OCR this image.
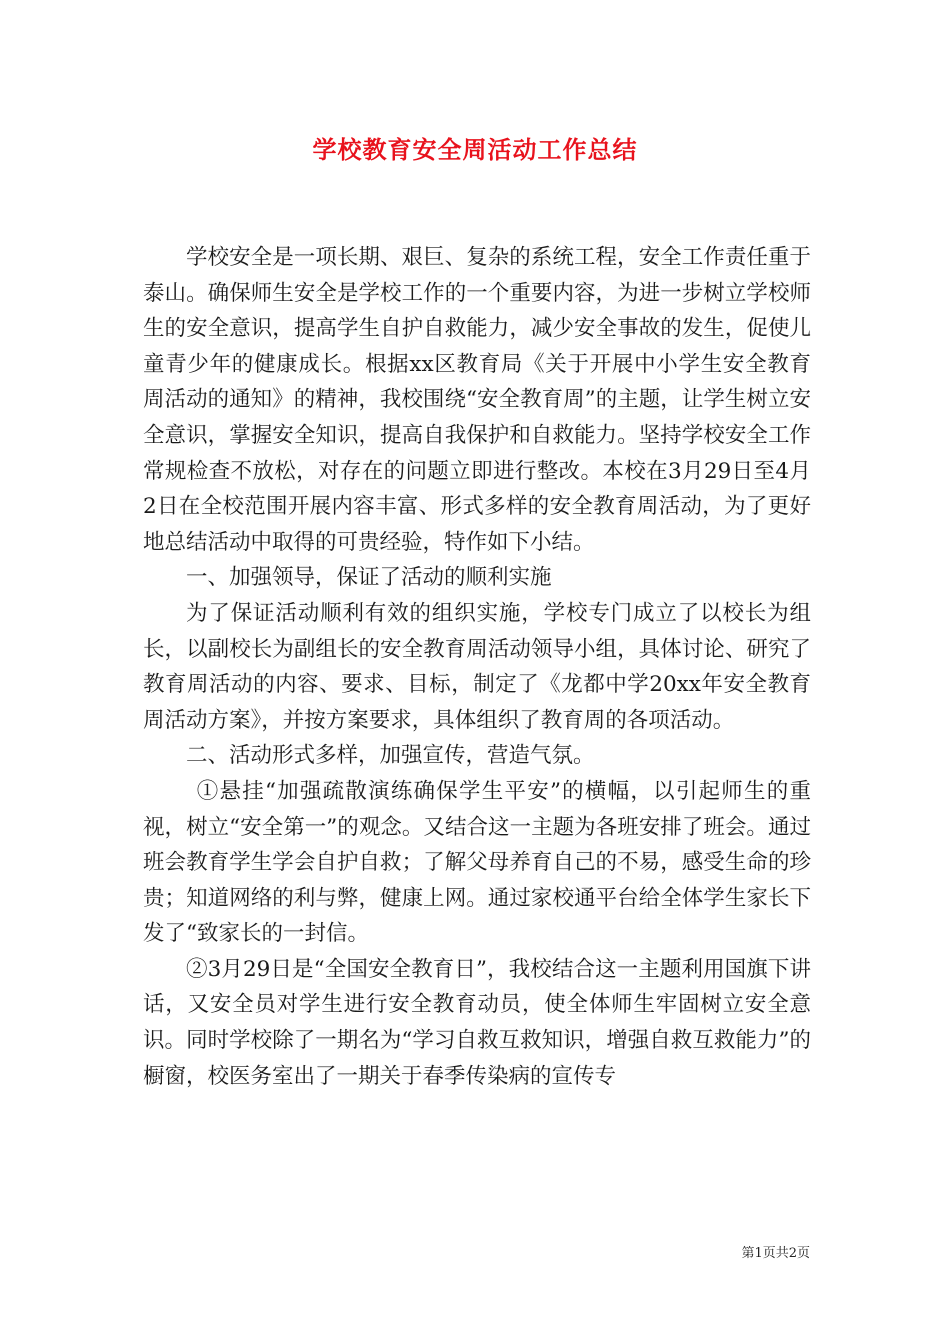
学校教育安全周活动工作总结

学校安全是一项长期、艰巨、复杂的系统工程，安全工作责任重于泰山。确保师生安全是学校工作的一个重要内容，为进一步树立学校师生的安全意识，提高学生自护自救能力，减少安全事故的发生，促使儿童青少年的健康成长。根据xx区教育局《关于开展中小学生安全教育周活动的通知》的精神，我校围绕“安全教育周”的主题，让学生树立安全意识，掌握安全知识，提高自我保护和自救能力。坚持学校安全工作常规检查不放松，对存在的问题立即进行整改。本校在3月29日至4月2日在全校范围开展内容丰富、形式多样的安全教育周活动，为了更好地总结活动中取得的可贵经验，特作如下小结。

一、加强领导，保证了活动的顺利实施

为了保证活动顺利有效的组织实施，学校专门成立了以校长为组长，以副校长为副组长的安全教育周活动领导小组，具体讨论、研究了教育周活动的内容、要求、目标，制定了《龙都中学20xx年安全教育周活动方案》，并按方案要求，具体组织了教育周的各项活动。

二、活动形式多样，加强宣传，营造气氛。

①悬挂“加强疏散演练确保学生平安”的横幅，以引起师生的重视，树立“安全第一”的观念。又结合这一主题为各班安排了班会。通过班会教育学生学会自护自救；了解父母养育自己的不易，感受生命的珍贵；知道网络的利与弊，健康上网。通过家校通平台给全体学生家长下发了“致家长的一封信。

②3月29日是“全国安全教育日”，我校结合这一主题利用国旗下讲话，又安全员对学生进行安全教育动员，使全体师生牢固树立安全意识。同时学校除了一期名为“学习自救互救知识，增强自救互救能力”的橱窗，校医务室出了一期关于春季传染病的宣传专

第1页共2页
